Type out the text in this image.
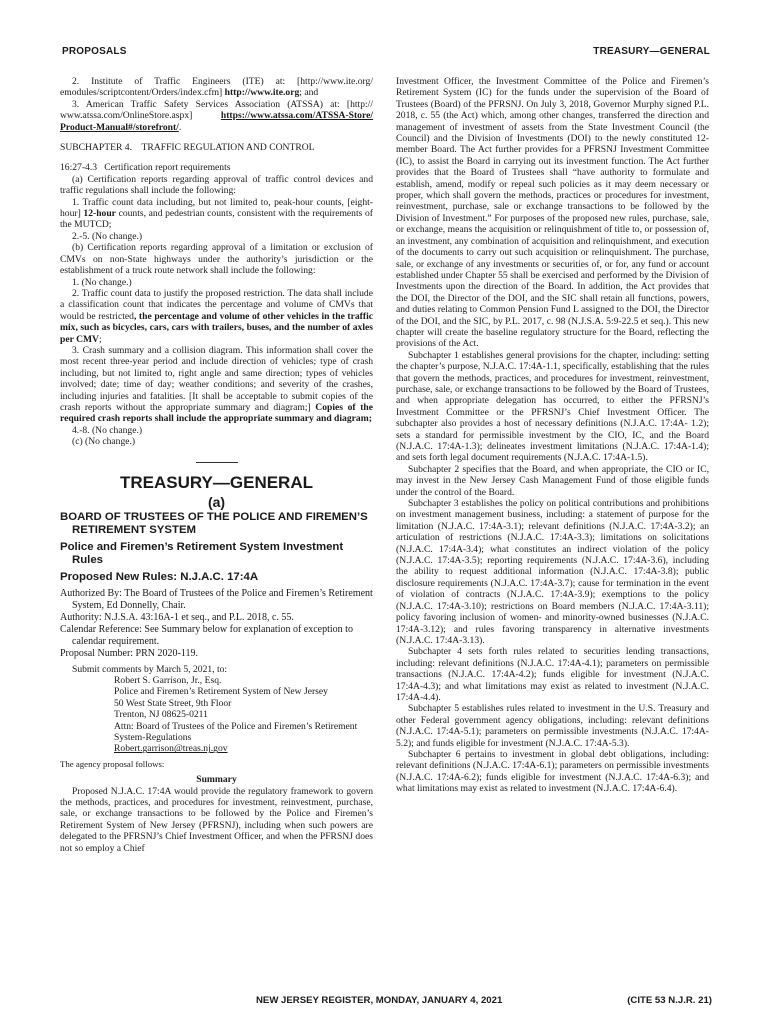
PROPOSALS	TREASURY—GENERAL

2. Institute of Traffic Engineers (ITE) at: [http://www.ite.org/ emodules/scriptcontent/Orders/index.cfm] http://www.ite.org; and

3. American Traffic Safety Services Association (ATSSA) at: [http:// www.atssa.com/OnlineStore.aspx] https://www.atssa.com/ATSSA-Store/ Product-Manual#/storefront/.

SUBCHAPTER 4.    TRAFFIC REGULATION AND CONTROL

16:27-4.3   Certification report requirements

(a) Certification reports regarding approval of traffic control devices and traffic regulations shall include the following:

1. Traffic count data including, but not limited to, peak-hour counts, [eight-hour] 12-hour counts, and pedestrian counts, consistent with the requirements of the MUTCD;

2.-5. (No change.)

(b) Certification reports regarding approval of a limitation or exclusion of CMVs on non-State highways under the authority’s jurisdiction or the establishment of a truck route network shall include the following:

1. (No change.)

2. Traffic count data to justify the proposed restriction. The data shall include a classification count that indicates the percentage and volume of CMVs that would be restricted, the percentage and volume of other vehicles in the traffic mix, such as bicycles, cars, cars with trailers, buses, and the number of axles per CMV;

3. Crash summary and a collision diagram. This information shall cover the most recent three-year period and include direction of vehicles; type of crash including, but not limited to, right angle and same direction; types of vehicles involved; date; time of day; weather conditions; and severity of the crashes, including injuries and fatalities. [It shall be acceptable to submit copies of the crash reports without the appropriate summary and diagram;] Copies of the required crash reports shall include the appropriate summary and diagram;

4.-8. (No change.)

(c) (No change.)

TREASURY—GENERAL

(a)

BOARD OF TRUSTEES OF THE POLICE AND FIREMEN’S RETIREMENT SYSTEM

Police and Firemen’s Retirement System Investment Rules

Proposed New Rules: N.J.A.C. 17:4A

Authorized By: The Board of Trustees of the Police and Firemen’s Retirement System, Ed Donnelly, Chair.

Authority: N.J.S.A. 43:16A-1 et seq., and P.L. 2018, c. 55.

Calendar Reference: See Summary below for explanation of exception to calendar requirement.

Proposal Number: PRN 2020-119.

Submit comments by March 5, 2021, to:

Robert S. Garrison, Jr., Esq.

Police and Firemen’s Retirement System of New Jersey

50 West State Street, 9th Floor

Trenton, NJ 08625-0211

Attn: Board of Trustees of the Police and Firemen’s Retirement System-Regulations

Robert.garrison@treas.nj.gov

The agency proposal follows:

Summary

Proposed N.J.A.C. 17:4A would provide the regulatory framework to govern the methods, practices, and procedures for investment, reinvestment, purchase, sale, or exchange transactions to be followed by the Police and Firemen’s Retirement System of New Jersey (PFRSNJ), including when such powers are delegated to the PFRSNJ’s Chief Investment Officer, and when the PFRSNJ does not so employ a Chief

Investment Officer, the Investment Committee of the Police and Firemen’s Retirement System (IC) for the funds under the supervision of the Board of Trustees (Board) of the PFRSNJ. On July 3, 2018, Governor Murphy signed P.L. 2018, c. 55 (the Act) which, among other changes, transferred the direction and management of investment of assets from the State Investment Council (the Council) and the Division of Investments (DOI) to the newly constituted 12-member Board. The Act further provides for a PFRSNJ Investment Committee (IC), to assist the Board in carrying out its investment function. The Act further provides that the Board of Trustees shall “have authority to formulate and establish, amend, modify or repeal such policies as it may deem necessary or proper, which shall govern the methods, practices or procedures for investment, reinvestment, purchase, sale or exchange transactions to be followed by the Division of Investment.” For purposes of the proposed new rules, purchase, sale, or exchange, means the acquisition or relinquishment of title to, or possession of, an investment, any combination of acquisition and relinquishment, and execution of the documents to carry out such acquisition or relinquishment. The purchase, sale, or exchange of any investments or securities of, or for, any fund or account established under Chapter 55 shall be exercised and performed by the Division of Investments upon the direction of the Board. In addition, the Act provides that the DOI, the Director of the DOI, and the SIC shall retain all functions, powers, and duties relating to Common Pension Fund L assigned to the DOI, the Director of the DOI, and the SIC, by P.L. 2017, c. 98 (N.J.S.A. 5:9-22.5 et seq.). This new chapter will create the baseline regulatory structure for the Board, reflecting the provisions of the Act.

Subchapter 1 establishes general provisions for the chapter, including: setting the chapter’s purpose, N.J.A.C. 17:4A-1.1, specifically, establishing that the rules that govern the methods, practices, and procedures for investment, reinvestment, purchase, sale, or exchange transactions to be followed by the Board of Trustees, and when appropriate delegation has occurred, to either the PFRSNJ’s Investment Committee or the PFRSNJ’s Chief Investment Officer. The subchapter also provides a host of necessary definitions (N.J.A.C. 17:4A- 1.2); sets a standard for permissible investment by the CIO, IC, and the Board (N.J.A.C. 17:4A-1.3); delineates investment limitations (N.J.A.C. 17:4A-1.4); and sets forth legal document requirements (N.J.A.C. 17:4A-1.5).

Subchapter 2 specifies that the Board, and when appropriate, the CIO or IC, may invest in the New Jersey Cash Management Fund of those eligible funds under the control of the Board.

Subchapter 3 establishes the policy on political contributions and prohibitions on investment management business, including: a statement of purpose for the limitation (N.J.A.C. 17:4A-3.1); relevant definitions (N.J.A.C. 17:4A-3.2); an articulation of restrictions (N.J.A.C. 17:4A-3.3); limitations on solicitations (N.J.A.C. 17:4A-3.4); what constitutes an indirect violation of the policy (N.J.A.C. 17:4A-3.5); reporting requirements (N.J.A.C. 17:4A-3.6), including the ability to request additional information (N.J.A.C. 17:4A-3.8); public disclosure requirements (N.J.A.C. 17:4A-3.7); cause for termination in the event of violation of contracts (N.J.A.C. 17:4A-3.9); exemptions to the policy (N.J.A.C. 17:4A-3.10); restrictions on Board members (N.J.A.C. 17:4A-3.11); policy favoring inclusion of women- and minority-owned businesses (N.J.A.C. 17:4A-3.12); and rules favoring transparency in alternative investments (N.J.A.C. 17:4A-3.13).

Subchapter 4 sets forth rules related to securities lending transactions, including: relevant definitions (N.J.A.C. 17:4A-4.1); parameters on permissible transactions (N.J.A.C. 17:4A-4.2); funds eligible for investment (N.J.A.C. 17:4A-4.3); and what limitations may exist as related to investment (N.J.A.C. 17:4A-4.4).

Subchapter 5 establishes rules related to investment in the U.S. Treasury and other Federal government agency obligations, including: relevant definitions (N.J.A.C. 17:4A-5.1); parameters on permissible investments (N.J.A.C. 17:4A-5.2); and funds eligible for investment (N.J.A.C. 17:4A-5.3).

Subchapter 6 pertains to investment in global debt obligations, including: relevant definitions (N.J.A.C. 17:4A-6.1); parameters on permissible investments (N.J.A.C. 17:4A-6.2); funds eligible for investment (N.J.A.C. 17:4A-6.3); and what limitations may exist as related to investment (N.J.A.C. 17:4A-6.4).

NEW JERSEY REGISTER, MONDAY, JANUARY 4, 2021	(CITE 53 N.J.R. 21)
